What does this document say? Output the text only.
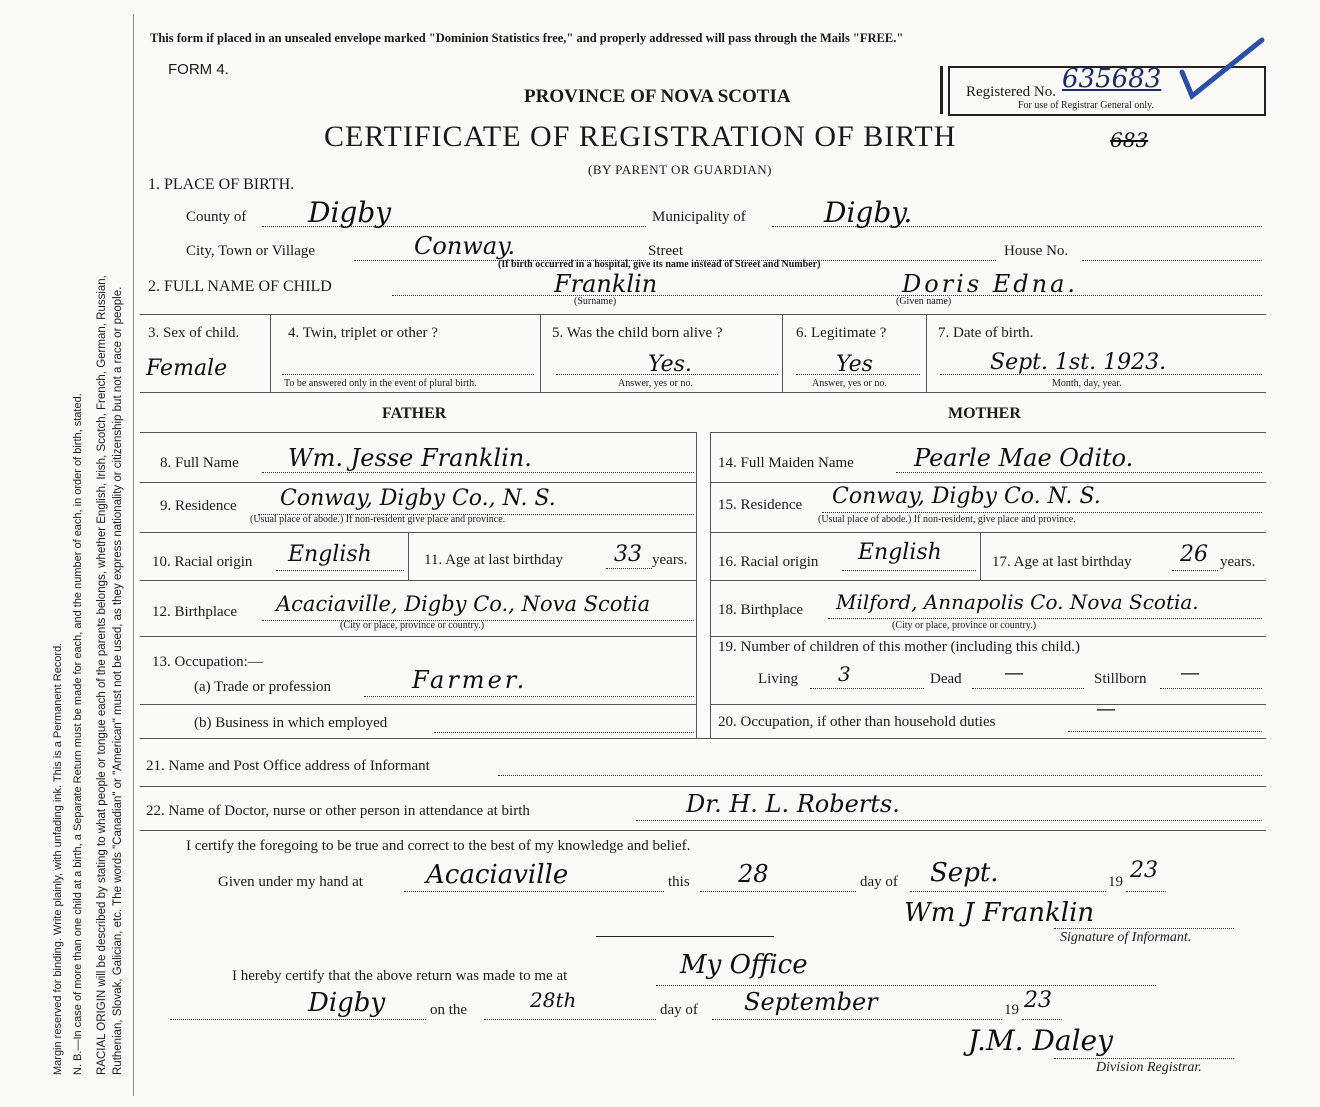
Margin reserved for binding. Write plainly, with unfading ink. This is a Permanent Record. N. B.—In case of more than one child at a birth, a Separate Return must be made for each, and the number of each, in order of birth, stated. RACIAL ORIGIN will be described by stating to what people or tongue each of the parents belongs, whether English, Irish, Scotch, French, German, Russian, Ruthenian, Slovak, Galician, etc. The words "Canadian" or "American" must not be used, as they express nationality or citizenship but not a race or people.
This form if placed in an unsealed envelope marked "Dominion Statistics free," and properly addressed will pass through the Mails "FREE."
FORM 4.
PROVINCE OF NOVA SCOTIA
CERTIFICATE OF REGISTRATION OF BIRTH	683
(BY PARENT OR GUARDIAN)
Registered No. 635683
For use of Registrar General only.
1. PLACE OF BIRTH.
County of Digby	Municipality of	Digby.
City, Town or Village	Conway.	Street	House No.
(If birth occurred in a hospital, give its name instead of Street and Number)
2. FULL NAME OF CHILD	Franklin
(Surname)
Doris Edna.
(Given name)
3. Sex of child.
Female
4. Twin, triplet or other ?
To be answered only in the event of plural birth.
5. Was the child born alive ?
Yes.
Answer, yes or no.
6. Legitimate ?
Yes
Answer, yes or no.
7. Date of birth.
Sept. 1st. 1923.
Month, day, year.
FATHER	MOTHER
8. Full Name Wm. Jesse Franklin.
9. Residence Conway, Digby Co., N. S.
(Usual place of abode.) If non-resident give place and province.
10. Racial origin English	11. Age at last birthday 33 years.
12. Birthplace Acaciaville, Digby Co., Nova Scotia
(City or place, province or country.)
13. Occupation:—
(a) Trade or profession	Farmer.
(b) Business in which employed
14. Full Maiden Name	Pearle Mae Odito.
15. Residence Conway, Digby Co. N. S.
(Usual place of abode.) If non-resident, give place and province.
16. Racial origin English	17. Age at last birthday 26 years.
18. Birthplace Milford, Annapolis Co. Nova Scotia.
(City or place, province or country.)
19. Number of children of this mother (including this child.)
Living 3	Dead —	Stillborn —
20. Occupation, if other than household duties
—
21. Name and Post Office address of Informant
22. Name of Doctor, nurse or other person in attendance at birth	Dr. H. L. Roberts.
I certify the foregoing to be true and correct to the best of my knowledge and belief.
Given under my hand at Acaciaville	this 28	day of Sept.	19 23
Wm J Franklin
Signature of Informant.
I hereby certify that the above return was made to me at	My Office
Digby	on the	28th	day of September	19 23
J.M. Daley
Division Registrar.
